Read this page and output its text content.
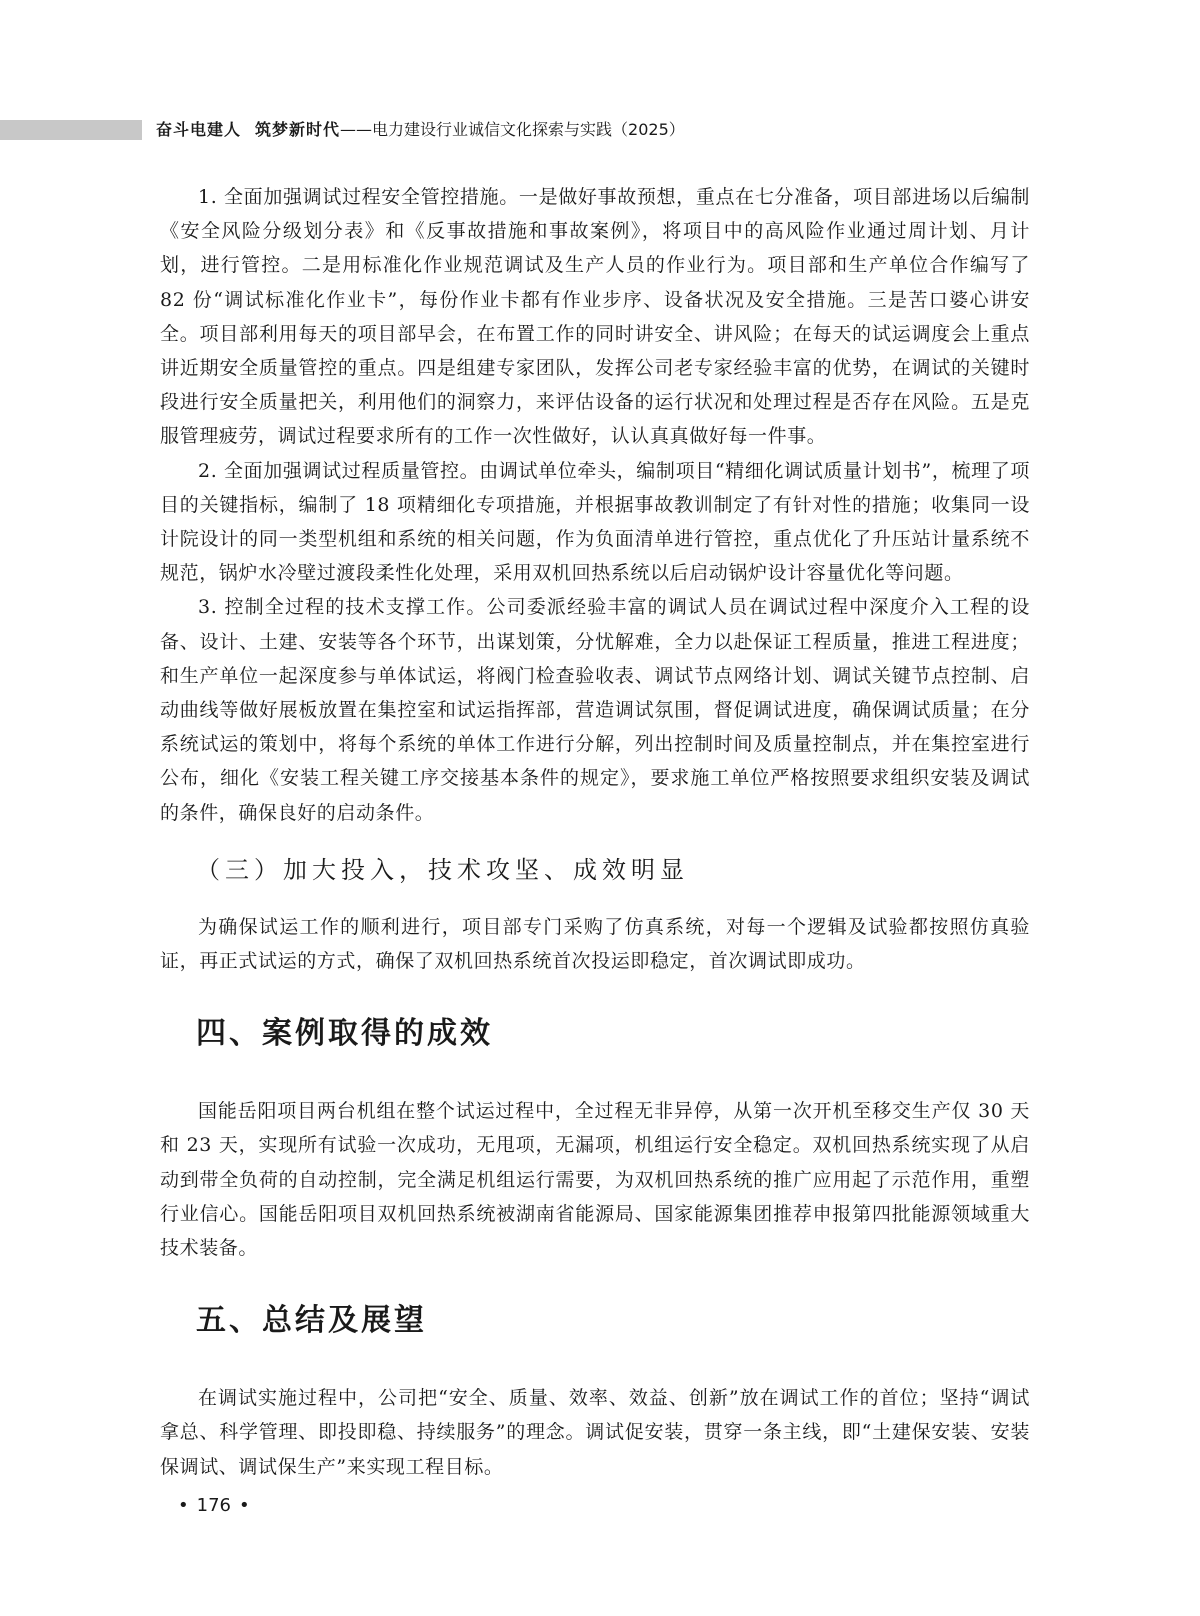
奋斗电建人 筑梦新时代——电力建设行业诚信文化探索与实践（2025）

1. 全面加强调试过程安全管控措施。一是做好事故预想，重点在七分准备，项目部进场以后编制《安全风险分级划分表》和《反事故措施和事故案例》，将项目中的高风险作业通过周计划、月计划，进行管控。二是用标准化作业规范调试及生产人员的作业行为。项目部和生产单位合作编写了 82 份“调试标准化作业卡”，每份作业卡都有作业步序、设备状况及安全措施。三是苦口婆心讲安全。项目部利用每天的项目部早会，在布置工作的同时讲安全、讲风险；在每天的试运调度会上重点讲近期安全质量管控的重点。四是组建专家团队，发挥公司老专家经验丰富的优势，在调试的关键时段进行安全质量把关，利用他们的洞察力，来评估设备的运行状况和处理过程是否存在风险。五是克服管理疲劳，调试过程要求所有的工作一次性做好，认认真真做好每一件事。

2. 全面加强调试过程质量管控。由调试单位牵头，编制项目“精细化调试质量计划书”，梳理了项目的关键指标，编制了 18 项精细化专项措施，并根据事故教训制定了有针对性的措施；收集同一设计院设计的同一类型机组和系统的相关问题，作为负面清单进行管控，重点优化了升压站计量系统不规范，锅炉水冷壁过渡段柔性化处理，采用双机回热系统以后启动锅炉设计容量优化等问题。

3. 控制全过程的技术支撑工作。公司委派经验丰富的调试人员在调试过程中深度介入工程的设备、设计、土建、安装等各个环节，出谋划策，分忧解难，全力以赴保证工程质量，推进工程进度；和生产单位一起深度参与单体试运，将阀门检查验收表、调试节点网络计划、调试关键节点控制、启动曲线等做好展板放置在集控室和试运指挥部，营造调试氛围，督促调试进度，确保调试质量；在分系统试运的策划中，将每个系统的单体工作进行分解，列出控制时间及质量控制点，并在集控室进行公布，细化《安装工程关键工序交接基本条件的规定》，要求施工单位严格按照要求组织安装及调试的条件，确保良好的启动条件。

（三）加大投入，技术攻坚、成效明显

为确保试运工作的顺利进行，项目部专门采购了仿真系统，对每一个逻辑及试验都按照仿真验证，再正式试运的方式，确保了双机回热系统首次投运即稳定，首次调试即成功。

四、案例取得的成效

国能岳阳项目两台机组在整个试运过程中，全过程无非异停，从第一次开机至移交生产仅 30 天和 23 天，实现所有试验一次成功，无甩项，无漏项，机组运行安全稳定。双机回热系统实现了从启动到带全负荷的自动控制，完全满足机组运行需要，为双机回热系统的推广应用起了示范作用，重塑行业信心。国能岳阳项目双机回热系统被湖南省能源局、国家能源集团推荐申报第四批能源领域重大技术装备。

五、总结及展望

在调试实施过程中，公司把“安全、质量、效率、效益、创新”放在调试工作的首位；坚持“调试拿总、科学管理、即投即稳、持续服务”的理念。调试促安装，贯穿一条主线，即“土建保安装、安装保调试、调试保生产”来实现工程目标。

• 176 •
